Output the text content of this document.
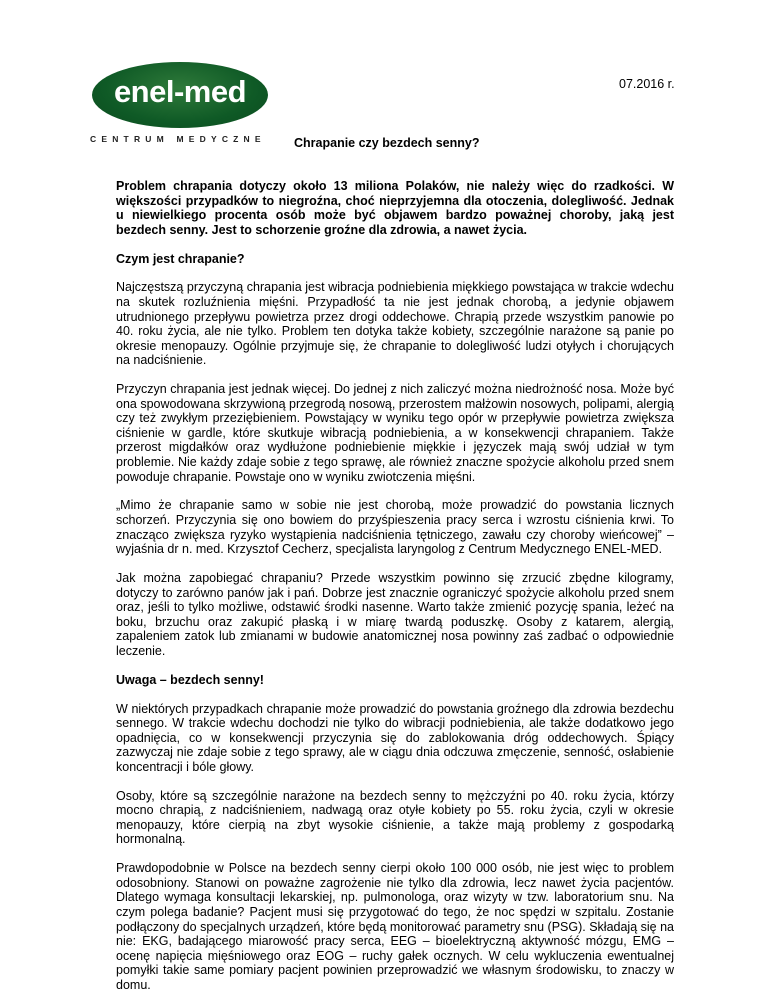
enel-med
CENTRUM MEDYCZNE
07.2016 r.
Chrapanie czy bezdech senny?

Problem chrapania dotyczy około 13 miliona Polaków, nie należy więc do rzadkości. W większości przypadków to niegroźna, choć nieprzyjemna dla otoczenia, dolegliwość. Jednak u niewielkiego procenta osób może być objawem bardzo poważnej choroby, jaką jest bezdech senny. Jest to schorzenie groźne dla zdrowia, a nawet życia.

Czym jest chrapanie?

Najczęstszą przyczyną chrapania jest wibracja podniebienia miękkiego powstająca w trakcie wdechu na skutek rozluźnienia mięśni. Przypadłość ta nie jest jednak chorobą, a jedynie objawem utrudnionego przepływu powietrza przez drogi oddechowe. Chrapią przede wszystkim panowie po 40. roku życia, ale nie tylko. Problem ten dotyka także kobiety, szczególnie narażone są panie po okresie menopauzy. Ogólnie przyjmuje się, że chrapanie to dolegliwość ludzi otyłych i chorujących na nadciśnienie.

Przyczyn chrapania jest jednak więcej. Do jednej z nich zaliczyć można niedrożność nosa. Może być ona spowodowana skrzywioną przegrodą nosową, przerostem małżowin nosowych, polipami, alergią czy też zwykłym przeziębieniem. Powstający w wyniku tego opór w przepływie powietrza zwiększa ciśnienie w gardle, które skutkuje wibracją podniebienia, a w konsekwencji chrapaniem. Także przerost migdałków oraz wydłużone podniebienie miękkie i języczek mają swój udział w tym problemie. Nie każdy zdaje sobie z tego sprawę, ale również znaczne spożycie alkoholu przed snem powoduje chrapanie. Powstaje ono w wyniku zwiotczenia mięśni.

„Mimo że chrapanie samo w sobie nie jest chorobą, może prowadzić do powstania licznych schorzeń. Przyczynia się ono bowiem do przyśpieszenia pracy serca i wzrostu ciśnienia krwi. To znacząco zwiększa ryzyko wystąpienia nadciśnienia tętniczego, zawału czy choroby wieńcowej” – wyjaśnia dr n. med. Krzysztof Cecherz, specjalista laryngolog z Centrum Medycznego ENEL-MED.

Jak można zapobiegać chrapaniu? Przede wszystkim powinno się zrzucić zbędne kilogramy, dotyczy to zarówno panów jak i pań. Dobrze jest znacznie ograniczyć spożycie alkoholu przed snem oraz, jeśli to tylko możliwe, odstawić środki nasenne. Warto także zmienić pozycję spania, leżeć na boku, brzuchu oraz zakupić płaską i w miarę twardą poduszkę. Osoby z katarem, alergią, zapaleniem zatok lub zmianami w budowie anatomicznej nosa powinny zaś zadbać o odpowiednie leczenie.

Uwaga – bezdech senny!

W niektórych przypadkach chrapanie może prowadzić do powstania groźnego dla zdrowia bezdechu sennego. W trakcie wdechu dochodzi nie tylko do wibracji podniebienia, ale także dodatkowo jego opadnięcia, co w konsekwencji przyczynia się do zablokowania dróg oddechowych. Śpiący zazwyczaj nie zdaje sobie z tego sprawy, ale w ciągu dnia odczuwa zmęczenie, senność, osłabienie koncentracji i bóle głowy.

Osoby, które są szczególnie narażone na bezdech senny to mężczyźni po 40. roku życia, którzy mocno chrapią, z nadciśnieniem, nadwagą oraz otyłe kobiety po 55. roku życia, czyli w okresie menopauzy, które cierpią na zbyt wysokie ciśnienie, a także mają problemy z gospodarką hormonalną.

Prawdopodobnie w Polsce na bezdech senny cierpi około 100 000 osób, nie jest więc to problem odosobniony. Stanowi on poważne zagrożenie nie tylko dla zdrowia, lecz nawet życia pacjentów. Dlatego wymaga konsultacji lekarskiej, np. pulmonologa, oraz wizyty w tzw. laboratorium snu. Na czym polega badanie? Pacjent musi się przygotować do tego, że noc spędzi w szpitalu. Zostanie podłączony do specjalnych urządzeń, które będą monitorować parametry snu (PSG). Składają się na nie: EKG, badającego miarowość pracy serca, EEG – bioelektryczną aktywność mózgu, EMG – ocenę napięcia mięśniowego oraz EOG – ruchy gałek ocznych. W celu wykluczenia ewentualnej pomyłki takie same pomiary pacjent powinien przeprowadzić we własnym środowisku, to znaczy w domu.
